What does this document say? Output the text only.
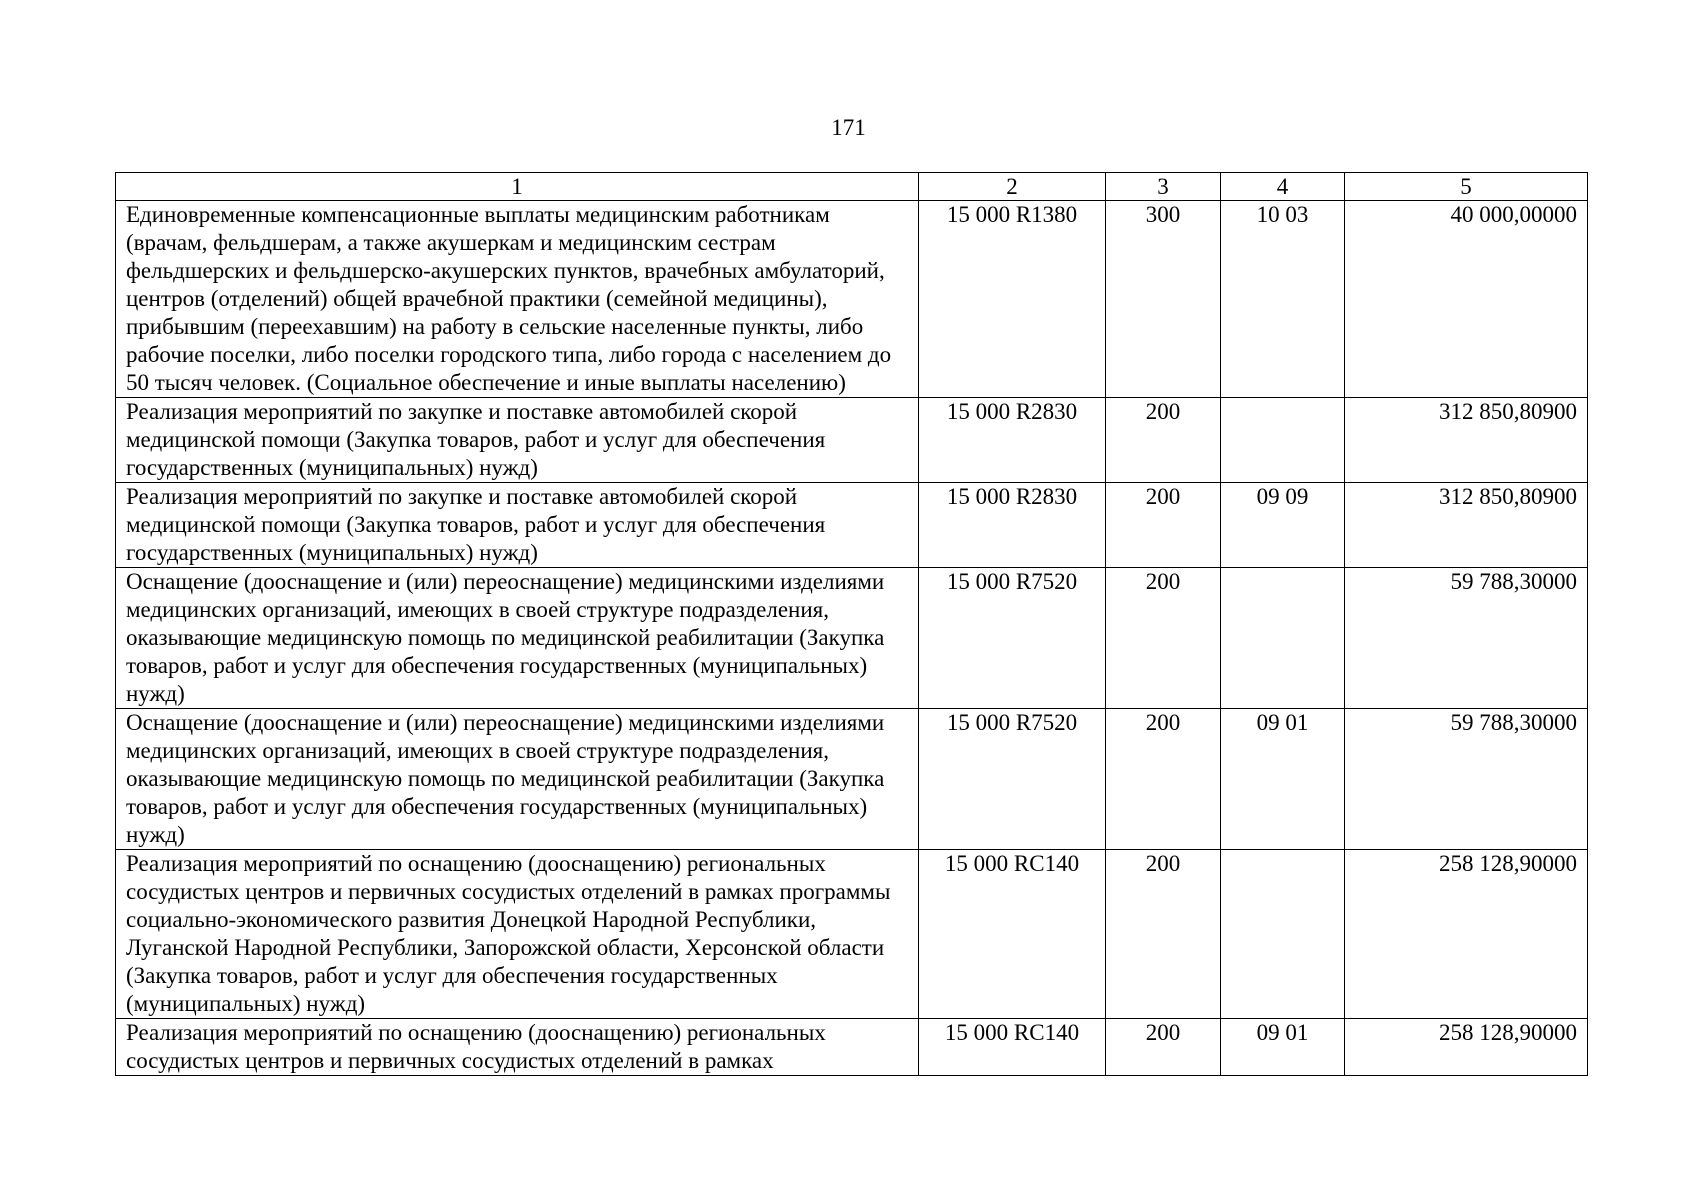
171
1	2	3	4	5
Единовременные компенсационные выплаты медицинским работникам (врачам, фельдшерам, а также акушеркам и медицинским сестрам фельдшерских и фельдшерско-акушерских пунктов, врачебных амбулаторий, центров (отделений) общей врачебной практики (семейной медицины), прибывшим (переехавшим) на работу в сельские населенные пункты, либо рабочие поселки, либо поселки городского типа, либо города с населением до 50 тысяч человек. (Социальное обеспечение и иные выплаты населению)	15 000 R1380	300	10 03	40 000,00000
Реализация мероприятий по закупке и поставке автомобилей скорой медицинской помощи (Закупка товаров, работ и услуг для обеспечения государственных (муниципальных) нужд)	15 000 R2830	200		312 850,80900
Реализация мероприятий по закупке и поставке автомобилей скорой медицинской помощи (Закупка товаров, работ и услуг для обеспечения государственных (муниципальных) нужд)	15 000 R2830	200	09 09	312 850,80900
Оснащение (дооснащение и (или) переоснащение) медицинскими изделиями медицинских организаций, имеющих в своей структуре подразделения, оказывающие медицинскую помощь по медицинской реабилитации (Закупка товаров, работ и услуг для обеспечения государственных (муниципальных) нужд)	15 000 R7520	200		59 788,30000
Оснащение (дооснащение и (или) переоснащение) медицинскими изделиями медицинских организаций, имеющих в своей структуре подразделения, оказывающие медицинскую помощь по медицинской реабилитации (Закупка товаров, работ и услуг для обеспечения государственных (муниципальных) нужд)	15 000 R7520	200	09 01	59 788,30000
Реализация мероприятий по оснащению (дооснащению) региональных сосудистых центров и первичных сосудистых отделений в рамках программы социально-экономического развития Донецкой Народной Республики, Луганской Народной Республики, Запорожской области, Херсонской области (Закупка товаров, работ и услуг для обеспечения государственных (муниципальных) нужд)	15 000 RC140	200		258 128,90000
Реализация мероприятий по оснащению (дооснащению) региональных сосудистых центров и первичных сосудистых отделений в рамках	15 000 RC140	200	09 01	258 128,90000
